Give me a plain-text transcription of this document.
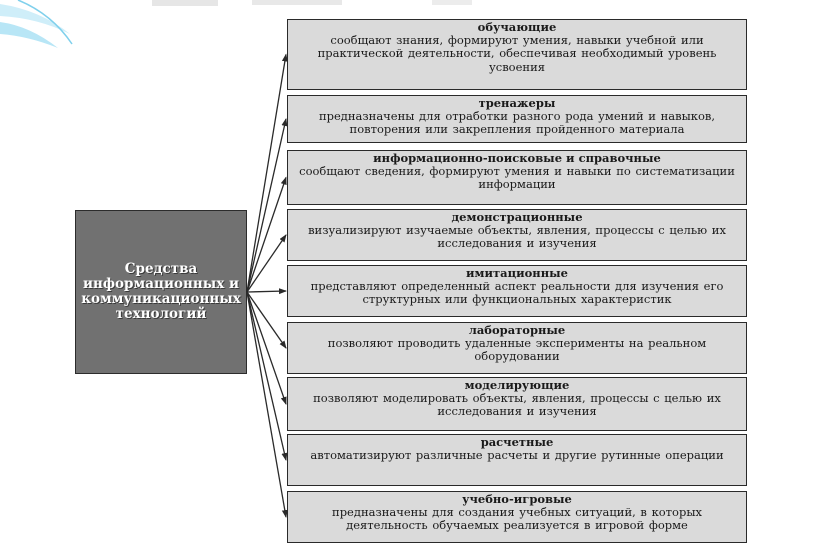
Средства информационных и коммуникационных технологий
обучающие
сообщают знания, формируют умения, навыки учебной или практической деятельности, обеспечивая необходимый уровень усвоения
тренажеры
предназначены для отработки разного рода умений и навыков, повторения или закрепления пройденного материала
информационно-поисковые и справочные
сообщают сведения, формируют умения и навыки по систематизации информации
демонстрационные
визуализируют изучаемые объекты, явления, процессы с целью их исследования и изучения
имитационные
представляют определенный аспект реальности для изучения его структурных или функциональных характеристик
лабораторные
позволяют проводить удаленные эксперименты на реальном оборудовании
моделирующие
позволяют моделировать объекты, явления, процессы с целью их исследования и изучения
расчетные
автоматизируют различные расчеты и другие рутинные операции
учебно-игровые
предназначены для создания учебных ситуаций, в которых деятельность обучаемых реализуется в игровой форме
